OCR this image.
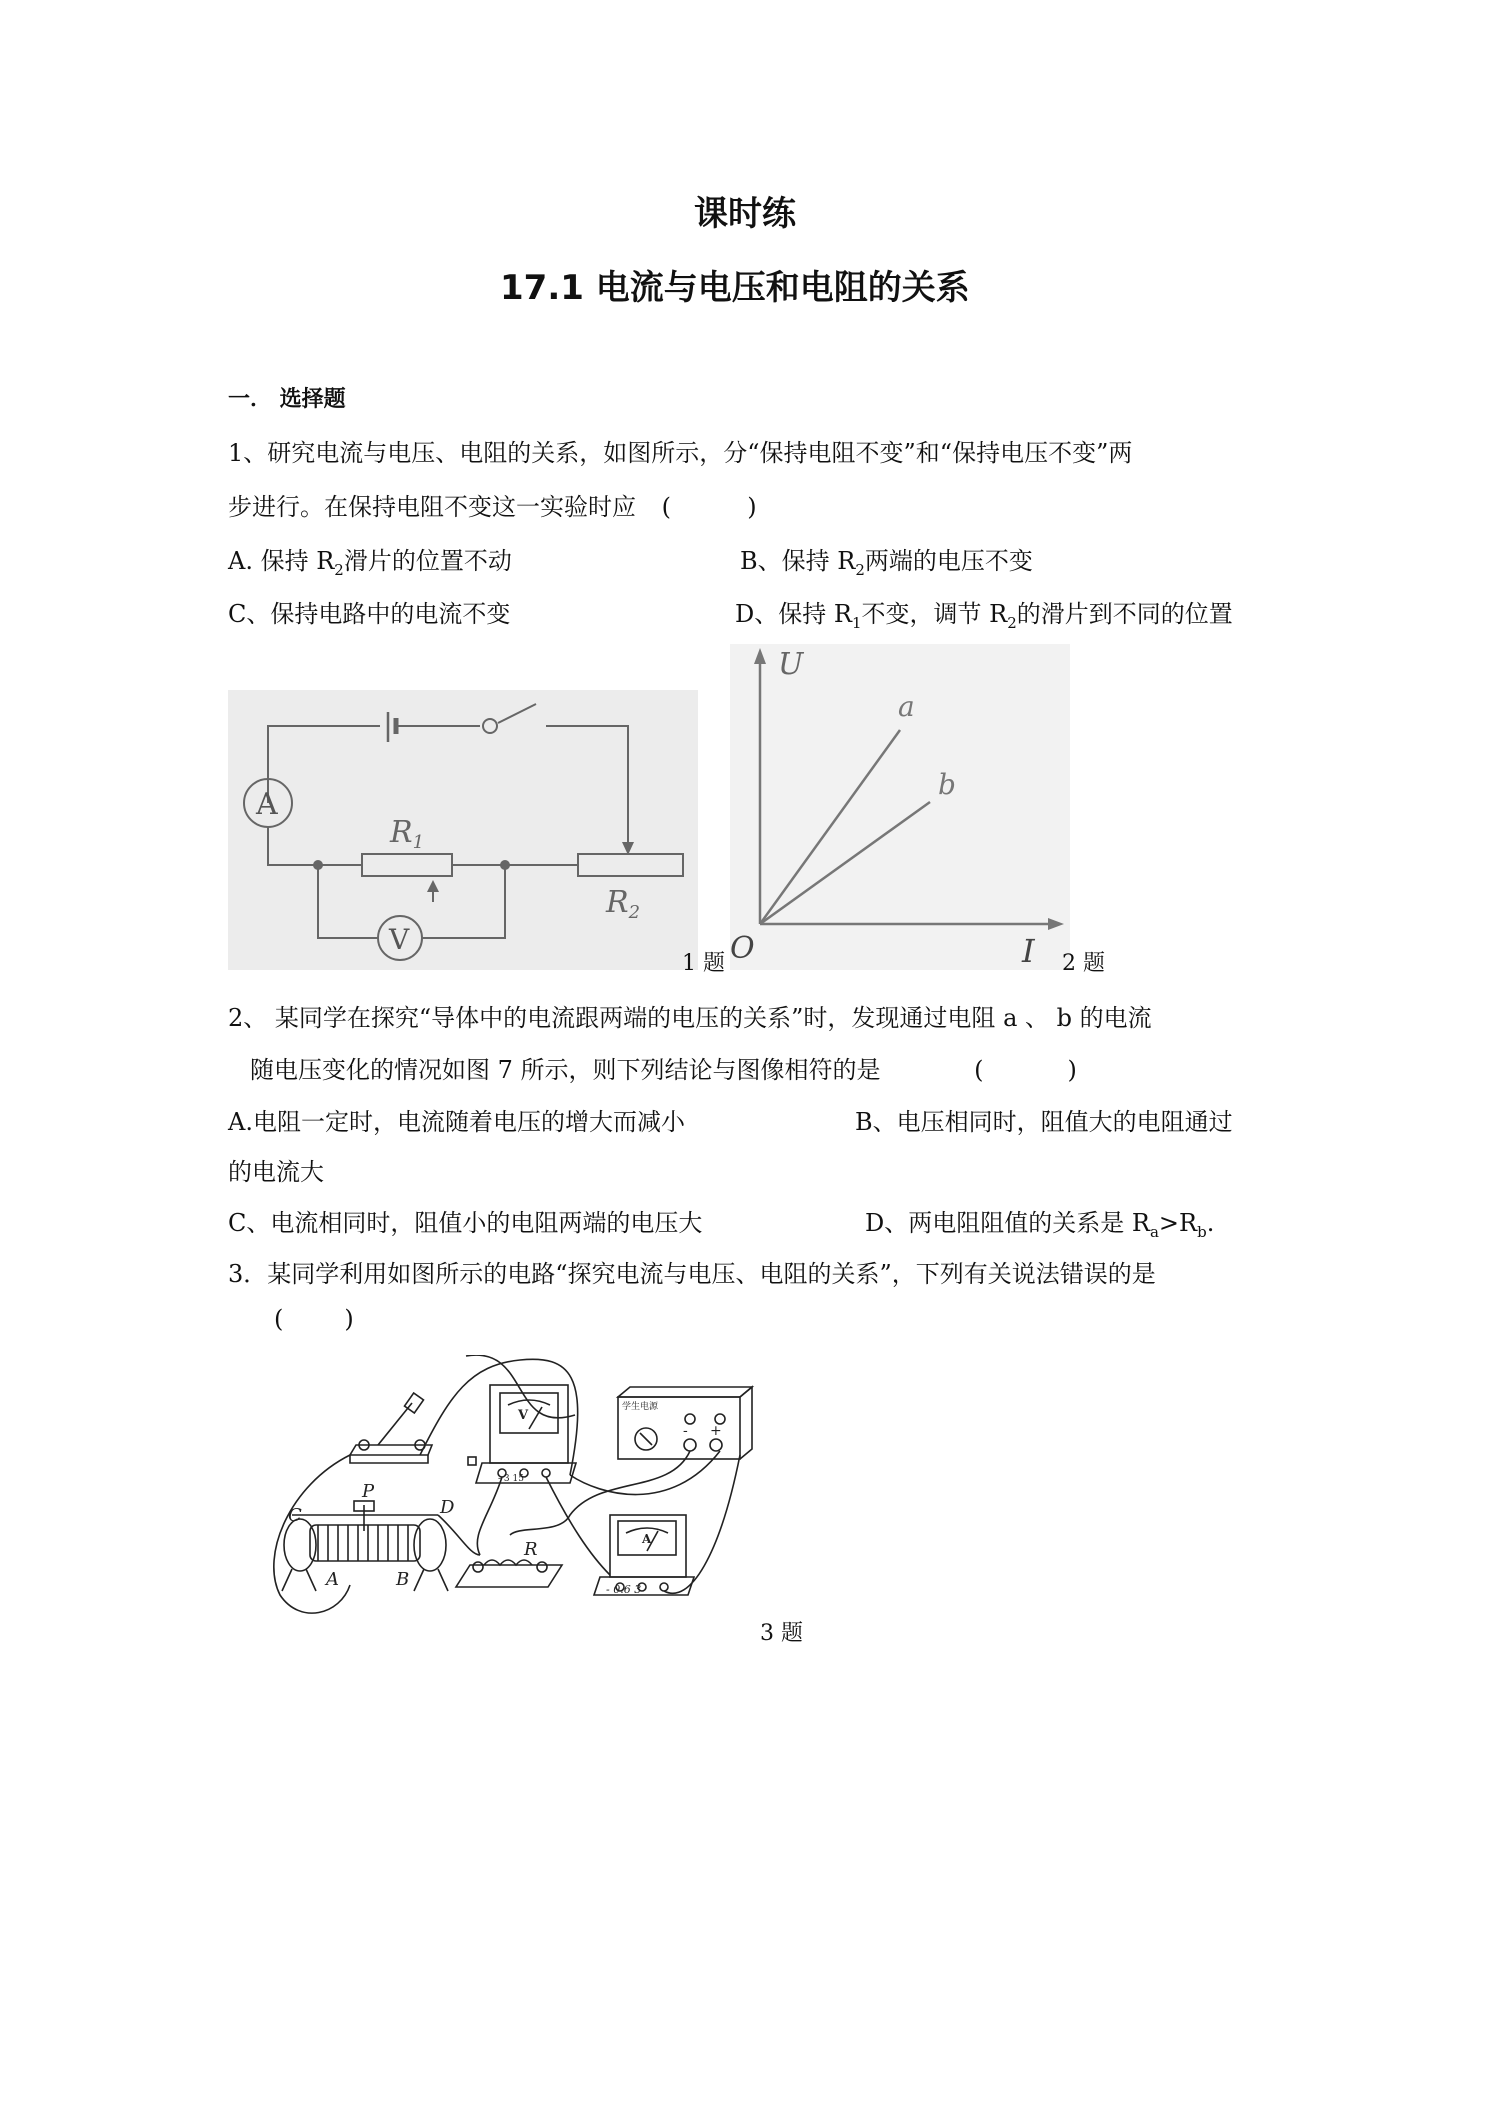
课时练
17.1 电流与电压和电阻的关系
一． 选择题
1、研究电流与电压、电阻的关系，如图所示，分“保持电阻不变”和“保持电压不变”两
步进行。在保持电阻不变这一实验时应 (          )
A. 保持 $R_2$滑片的位置不动	B、保持 $R_2$两端的电压不变
C、保持电路中的电流不变	D、保持 $R_1$不变，调节 $R_2$的滑片到不同的位置
A
V
$R_1$
$R_2$
1 题
U
I
O
a
b
2 题
2、 某同学在探究“导体中的电流跟两端的电压的关系”时，发现通过电阻 a 、 b 的电流
随电压变化的情况如图 7 所示，则下列结论与图像相符的是	(           )
A.电阻一定时，电流随着电压的增大而减小	B、电压相同时，阻值大的电阻通过
的电流大
C、电流相同时，阻值小的电阻两端的电压大	D、两电阻阻值的关系是 $R_a>R_b$.
3．某同学利用如图所示的电路“探究电流与电压、电阻的关系”，下列有关说法错误的是
(        )
V
A
学生电源
- +
- 3 15
- 0.6 3
C
P
D
A	B
R
3 题
